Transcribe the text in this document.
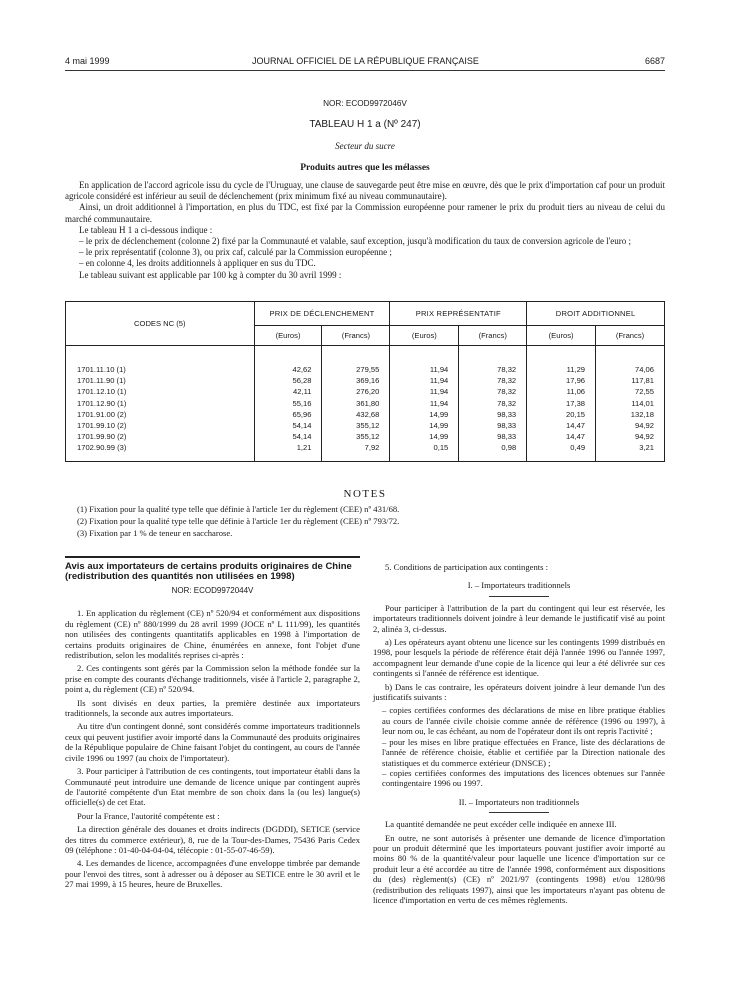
4 mai 1999	JOURNAL OFFICIEL DE LA RÉPUBLIQUE FRANÇAISE	6687
NOR: ECOD9972046V
TABLEAU H 1 a (Nº 247)
Secteur du sucre
Produits autres que les mélasses

En application de l'accord agricole issu du cycle de l'Uruguay, une clause de sauvegarde peut être mise en œuvre, dès que le prix d'importation caf pour un produit agricole considéré est inférieur au seuil de déclenchement (prix minimum fixé au niveau communautaire).

Ainsi, un droit additionnel à l'importation, en plus du TDC, est fixé par la Commission européenne pour ramener le prix du produit tiers au niveau de celui du marché communautaire.

Le tableau H 1 a ci-dessous indique :

– le prix de déclenchement (colonne 2) fixé par la Communauté et valable, sauf exception, jusqu'à modification du taux de conversion agricole de l'euro ;

– le prix représentatif (colonne 3), ou prix caf, calculé par la Commission européenne ;

– en colonne 4, les droits additionnels à appliquer en sus du TDC.

Le tableau suivant est applicable par 100 kg à compter du 30 avril 1999 :

CODES NC (5)	PRIX DE DÉCLENCHEMENT		PRIX REPRÉSENTATIF		DROIT ADDITIONNEL	
	(Euros)	(Francs)	(Euros)	(Francs)	(Euros)	(Francs)
1701.11.10 (1)	42,62	279,55	11,94	78,32	11,29	74,06
1701.11.90 (1)	56,28	369,16	11,94	78,32	17,96	117,81
1701.12.10 (1)	42,11	276,20	11,94	78,32	11,06	72,55
1701.12.90 (1)	55,16	361,80	11,94	78,32	17,38	114,01
1701.91.00 (2)	65,96	432,68	14,99	98,33	20,15	132,18
1701.99.10 (2)	54,14	355,12	14,99	98,33	14,47	94,92
1701.99.90 (2)	54,14	355,12	14,99	98,33	14,47	94,92
1702.90.99 (3)	1,21	7,92	0,15	0,98	0,49	3,21
NOTES
(1) Fixation pour la qualité type telle que définie à l'article 1er du règlement (CEE) nº 431/68.
(2) Fixation pour la qualité type telle que définie à l'article 1er du règlement (CEE) nº 793/72.
(3) Fixation par 1 % de teneur en saccharose.

Avis aux importateurs de certains produits originaires de Chine (redistribution des quantités non utilisées en 1998)

NOR: ECOD9972044V

1. En application du règlement (CE) nº 520/94 et conformément aux dispositions du règlement (CE) nº 880/1999 du 28 avril 1999 (JOCE nº L 111/99), les quantités non utilisées des contingents quantitatifs applicables en 1998 à l'importation de certains produits originaires de Chine, énumérées en annexe, font l'objet d'une redistribution, selon les modalités reprises ci-après :

2. Ces contingents sont gérés par la Commission selon la méthode fondée sur la prise en compte des courants d'échange traditionnels, visée à l'article 2, paragraphe 2, point a, du règlement (CE) nº 520/94.

Ils sont divisés en deux parties, la première destinée aux importateurs traditionnels, la seconde aux autres importateurs.

Au titre d'un contingent donné, sont considérés comme importateurs traditionnels ceux qui peuvent justifier avoir importé dans la Communauté des produits originaires de la République populaire de Chine faisant l'objet du contingent, au cours de l'année civile 1996 ou 1997 (au choix de l'importateur).

3. Pour participer à l'attribution de ces contingents, tout importateur établi dans la Communauté peut introduire une demande de licence unique par contingent auprès de l'autorité compétente d'un Etat membre de son choix dans la (ou les) langue(s) officielle(s) de cet Etat.

Pour la France, l'autorité compétente est :

La direction générale des douanes et droits indirects (DGDDI), SETICE (service des titres du commerce extérieur), 8, rue de la Tour-des-Dames, 75436 Paris Cedex 09 (téléphone : 01-40-04-04-04, télécopie : 01-55-07-46-59).

4. Les demandes de licence, accompagnées d'une enveloppe timbrée par demande pour l'envoi des titres, sont à adresser ou à déposer au SETICE entre le 30 avril et le 27 mai 1999, à 15 heures, heure de Bruxelles.

5. Conditions de participation aux contingents :

I. – Importateurs traditionnels

Pour participer à l'attribution de la part du contingent qui leur est réservée, les importateurs traditionnels doivent joindre à leur demande le justificatif visé au point 2, alinéa 3, ci-dessus.

a) Les opérateurs ayant obtenu une licence sur les contingents 1999 distribués en 1998, pour lesquels la période de référence était déjà l'année 1996 ou l'année 1997, accompagnent leur demande d'une copie de la licence qui leur a été délivrée sur ces contingents si l'année de référence est identique.

b) Dans le cas contraire, les opérateurs doivent joindre à leur demande l'un des justificatifs suivants :

– copies certifiées conformes des déclarations de mise en libre pratique établies au cours de l'année civile choisie comme année de référence (1996 ou 1997), à leur nom ou, le cas échéant, au nom de l'opérateur dont ils ont repris l'activité ;

– pour les mises en libre pratique effectuées en France, liste des déclarations de l'année de référence choisie, établie et certifiée par la Direction nationale des statistiques et du commerce extérieur (DNSCE) ;

– copies certifiées conformes des imputations des licences obtenues sur l'année contingentaire 1996 ou 1997.

II. – Importateurs non traditionnels

La quantité demandée ne peut excéder celle indiquée en annexe III.

En outre, ne sont autorisés à présenter une demande de licence d'importation pour un produit déterminé que les importateurs pouvant justifier avoir importé au moins 80 % de la quantité/valeur pour laquelle une licence d'importation sur ce produit leur a été accordée au titre de l'année 1998, conformément aux dispositions du (des) règlement(s) (CE) nº 2021/97 (contingents 1998) et/ou 1280/98 (redistribution des reliquats 1997), ainsi que les importateurs n'ayant pas obtenu de licence d'importation en vertu de ces mêmes règlements.
